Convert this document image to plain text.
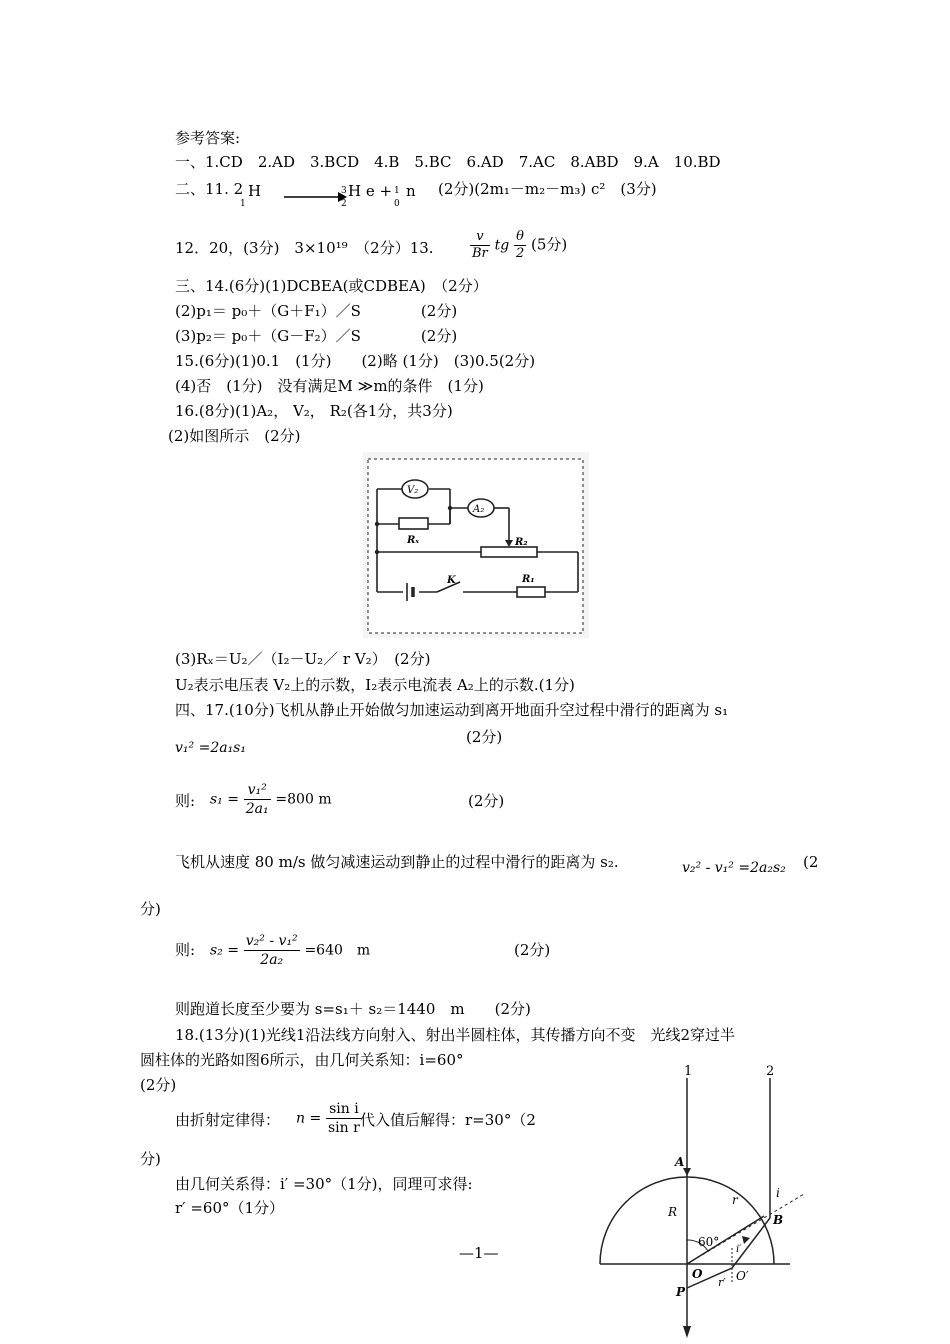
参考答案:
一、1.CD　2.AD　3.BCD　4.B　5.BC　6.AD　7.AC　8.ABD　9.A　10.BD
二、11. 2 H
1
3
2
H e + 1
0
n (2分)(2m₁－m₂－m₃) c²　(3分)
12．20，(3分)　3×10¹⁹　（2分）13.	$\frac{v}{Br}$ tg $\frac{\theta}{2} (5$分)
三、14.(6分)(1)DCBEA(或CDBEA)　（2分）
(2)p₁＝ p₀＋（G＋F₁）／S　　　　(2分)
(3)p₂＝ p₀＋（G－F₂）／S　　　　(2分)
15.(6分)(1)0.1　(1分)　　(2)略 (1分)　(3)0.5(2分)
(4)否　(1分)　没有满足M ≫m的条件　(1分)
16.(8分)(1)A₂， V₂， R₂(各1分，共3分)
(2)如图所示　(2分)
V₂
A₂
Rₓ	R₂
K	R₁
(3)Rₓ＝U₂／（I₂－U₂／ r V₂）　(2分)
U₂表示电压表 V₂上的示数，I₂表示电流表 A₂上的示数.(1分)
四、17.(10分)飞机从静止开始做匀加速运动到离开地面升空过程中滑行的距离为 s₁
v₁² =2a₁s₁
(2分)
则: $s_1 = \frac{\text{v₁²}}{\text{2a₁}} =800$ m	(2分)
飞机从速度 80 m/s 做匀减速运动到静止的过程中滑行的距离为 s₂.	v₂² - v₁² =2a₂s₂ (2
分)
则: $s_2 = \frac{\text{v₂² - v₁²}}{\text{2a₂}} =640$　m	(2分)
则跑道长度至少要为 s=s₁＋ s₂＝1440　m　　(2分)
18.(13分)(1)光线1沿法线方向射入、射出半圆柱体，其传播方向不变　光线2穿过半
圆柱体的光路如图6所示，由几何关系知：i=60°
(2分)
由折射定律得： $n = \frac{\text{sin i}}{\text{sin r}}$
代入值后解得：r=30°（2
分)
由几何关系得：i′ =30°（1分)，同理可求得:
r′ =60°（1分）
—1—
1	2
A
R
i
B
r
60°
i′
O	O′
r′
P
